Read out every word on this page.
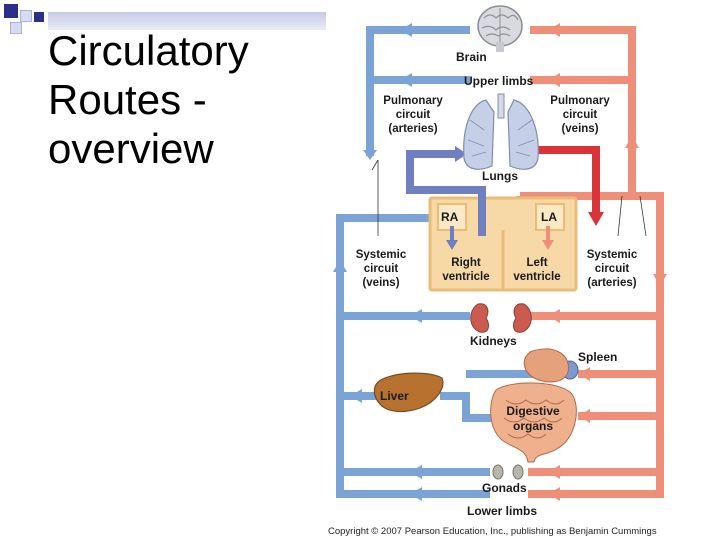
Circulatory
Routes -
overview
Brain
Upper limbs
Pulmonary
circuit
(arteries)
Pulmonary
circuit
(veins)
Lungs
RA	LA
Right
ventricle
Left
ventricle
Systemic
circuit
(veins)
Systemic
circuit
(arteries)
Kidneys
Spleen
Liver
Digestive
organs
Gonads
Lower limbs
Copyright © 2007 Pearson Education, Inc., publishing as Benjamin Cummings
